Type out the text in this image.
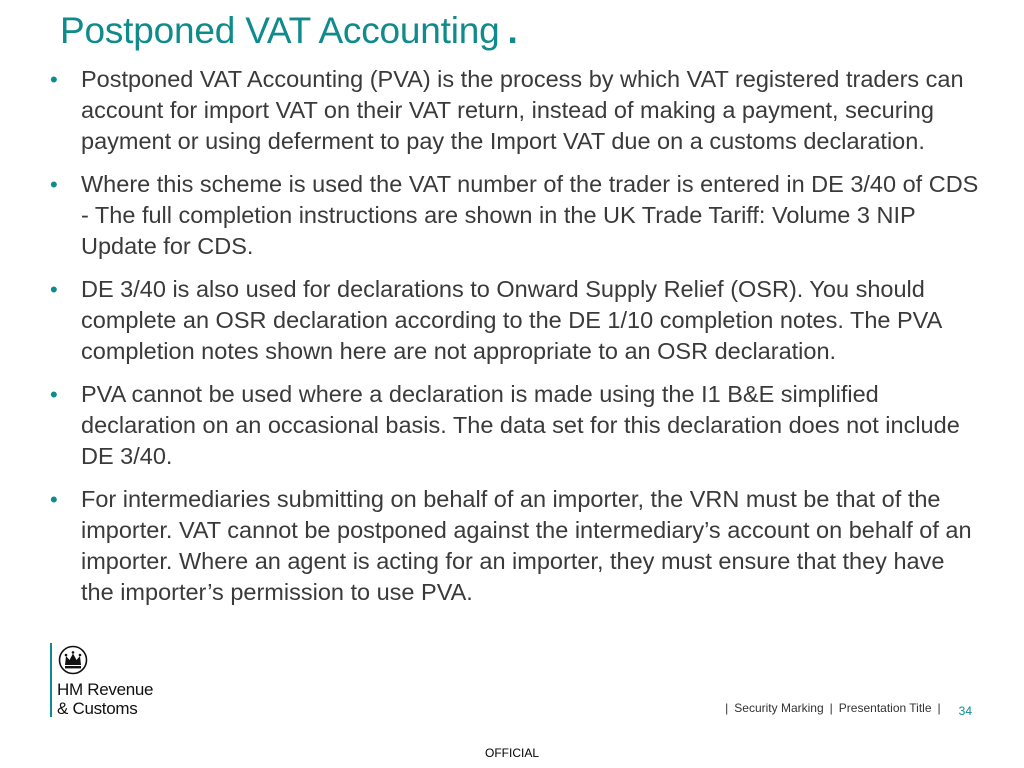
Postponed VAT Accounting .
• Postponed VAT Accounting (PVA) is the process by which VAT registered traders can account for import VAT on their VAT return, instead of making a payment, securing payment or using deferment to pay the Import VAT due on a customs declaration.
• Where this scheme is used the VAT number of the trader is entered in DE 3/40 of CDS - The full completion instructions are shown in the UK Trade Tariff: Volume 3 NIP Update for CDS.
• DE 3/40 is also used for declarations to Onward Supply Relief (OSR). You should complete an OSR declaration according to the DE 1/10 completion notes. The PVA completion notes shown here are not appropriate to an OSR declaration.
• PVA cannot be used where a declaration is made using the I1 B&E simplified declaration on an occasional basis. The data set for this declaration does not include DE 3/40.
• For intermediaries submitting on behalf of an importer, the VRN must be that of the importer. VAT cannot be postponed against the intermediary’s account on behalf of an importer. Where an agent is acting for an importer, they must ensure that they have the importer’s permission to use PVA.
HM Revenue
& Customs	| Security Marking | Presentation Title | 34
OFFICIAL
